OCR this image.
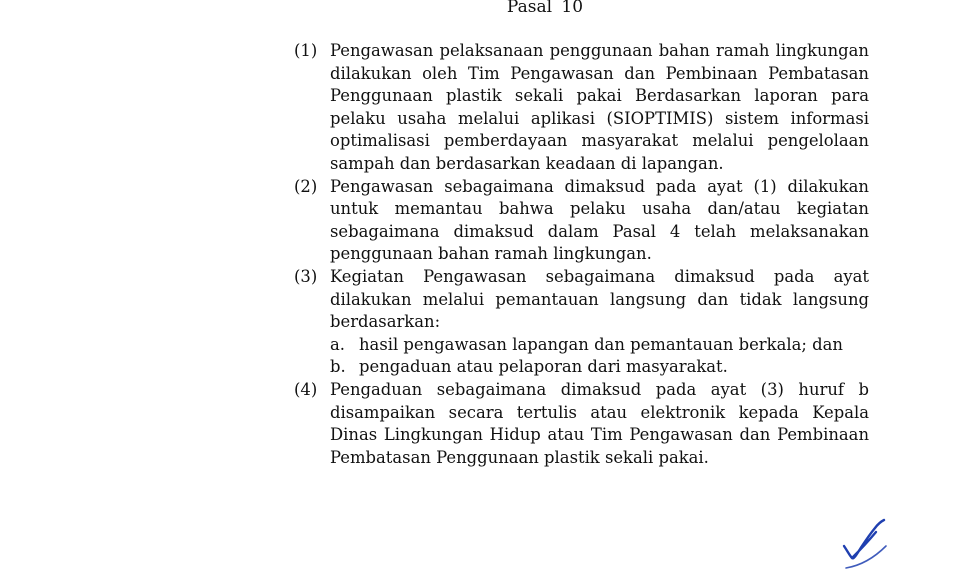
Pasal 10
(1) Pengawasan pelaksanaan penggunaan bahan ramah lingkungan dilakukan oleh Tim Pengawasan dan Pembinaan Pembatasan Penggunaan plastik sekali pakai Berdasarkan laporan para pelaku usaha melalui aplikasi (SIOPTIMIS) sistem informasi optimalisasi pemberdayaan masyarakat melalui pengelolaan sampah dan berdasarkan keadaan di lapangan.
(2) Pengawasan sebagaimana dimaksud pada ayat (1) dilakukan untuk memantau bahwa pelaku usaha dan/atau kegiatan sebagaimana dimaksud dalam Pasal 4 telah melaksanakan penggunaan bahan ramah lingkungan.
(3) Kegiatan Pengawasan sebagaimana dimaksud pada ayat dilakukan melalui pemantauan langsung dan tidak langsung berdasarkan:
a. hasil pengawasan lapangan dan pemantauan berkala; dan
b. pengaduan atau pelaporan dari masyarakat.
(4) Pengaduan sebagaimana dimaksud pada ayat (3) huruf b disampaikan secara tertulis atau elektronik kepada Kepala Dinas Lingkungan Hidup atau Tim Pengawasan dan Pembinaan Pembatasan Penggunaan plastik sekali pakai.
